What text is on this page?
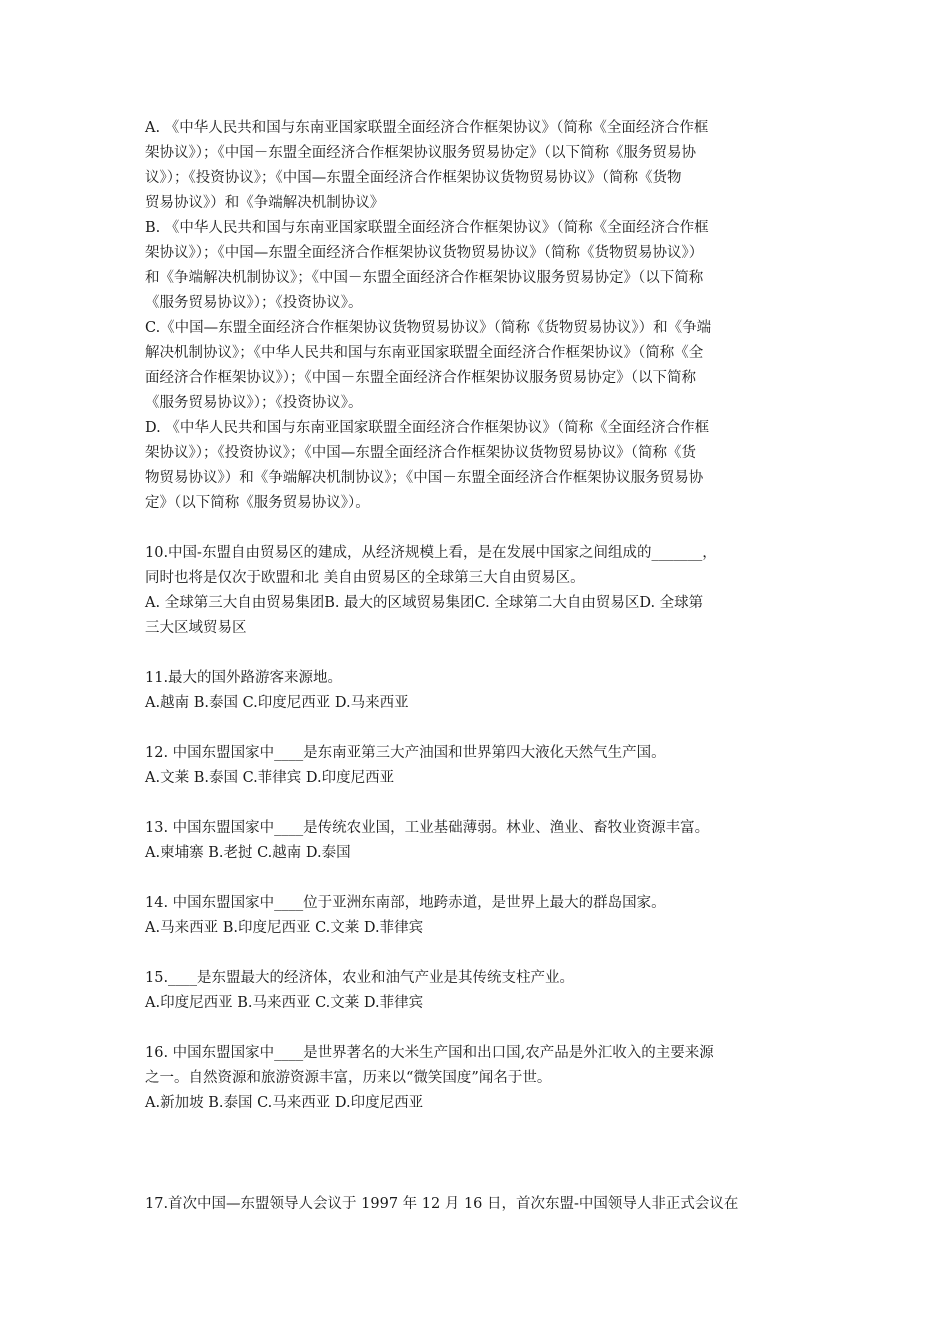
A. 《中华人民共和国与东南亚国家联盟全面经济合作框架协议》（简称《全面经济合作框
架协议》）；《中国－东盟全面经济合作框架协议服务贸易协定》（以下简称《服务贸易协
议》）；《投资协议》；《中国—东盟全面经济合作框架协议货物贸易协议》（简称《货物
贸易协议》）和《争端解决机制协议》
B. 《中华人民共和国与东南亚国家联盟全面经济合作框架协议》（简称《全面经济合作框
架协议》）；《中国—东盟全面经济合作框架协议货物贸易协议》（简称《货物贸易协议》）
和《争端解决机制协议》；《中国－东盟全面经济合作框架协议服务贸易协定》（以下简称
《服务贸易协议》）；《投资协议》。
C.《中国—东盟全面经济合作框架协议货物贸易协议》（简称《货物贸易协议》）和《争端
解决机制协议》；《中华人民共和国与东南亚国家联盟全面经济合作框架协议》（简称《全
面经济合作框架协议》）；《中国－东盟全面经济合作框架协议服务贸易协定》（以下简称
《服务贸易协议》）；《投资协议》。
D. 《中华人民共和国与东南亚国家联盟全面经济合作框架协议》（简称《全面经济合作框
架协议》）；《投资协议》；《中国—东盟全面经济合作框架协议货物贸易协议》（简称《货
物贸易协议》）和《争端解决机制协议》；《中国－东盟全面经济合作框架协议服务贸易协
定》（以下简称《服务贸易协议》）。
10.中国-东盟自由贸易区的建成，从经济规模上看，是在发展中国家之间组成的_______，
同时也将是仅次于欧盟和北 美自由贸易区的全球第三大自由贸易区。
A. 全球第三大自由贸易集团B. 最大的区域贸易集团C. 全球第二大自由贸易区D. 全球第
三大区域贸易区
11.最大的国外路游客来源地。
A.越南 B.泰国 C.印度尼西亚 D.马来西亚
12. 中国东盟国家中____是东南亚第三大产油国和世界第四大液化天然气生产国。
A.文莱 B.泰国 C.菲律宾 D.印度尼西亚
13. 中国东盟国家中____是传统农业国，工业基础薄弱。林业、渔业、畜牧业资源丰富。
A.柬埔寨 B.老挝 C.越南 D.泰国
14. 中国东盟国家中____位于亚洲东南部，地跨赤道，是世界上最大的群岛国家。
A.马来西亚 B.印度尼西亚 C.文莱 D.菲律宾
15.____是东盟最大的经济体，农业和油气产业是其传统支柱产业。
A.印度尼西亚 B.马来西亚 C.文莱 D.菲律宾
16. 中国东盟国家中____是世界著名的大米生产国和出口国,农产品是外汇收入的主要来源
之一。自然资源和旅游资源丰富，历来以“微笑国度”闻名于世。
A.新加坡 B.泰国 C.马来西亚 D.印度尼西亚
17.首次中国—东盟领导人会议于 1997 年 12 月 16 日，首次东盟-中国领导人非正式会议在
